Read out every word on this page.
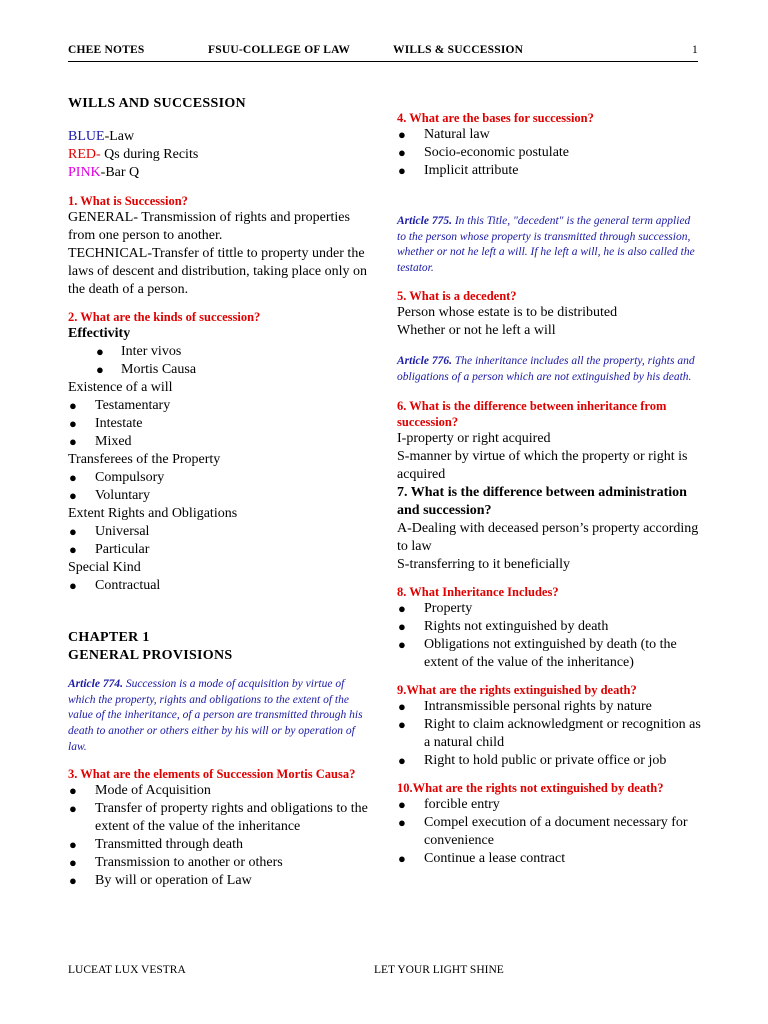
CHEE NOTES	FSUU-COLLEGE OF LAW	WILLS & SUCCESSION	1

WILLS AND SUCCESSION

BLUE-Law

RED- Qs during Recits

PINK-Bar Q

1. What is Succession?

GENERAL- Transmission of rights and properties from one person to another.

TECHNICAL-Transfer of tittle to property under the laws of descent and distribution, taking place only on the death of a person.

2. What are the kinds of succession?

Effectivity

● Inter vivos
● Mortis Causa

Existence of a will

● Testamentary
● Intestate
● Mixed

Transferees of the Property

● Compulsory
● Voluntary

Extent Rights and Obligations

● Universal
● Particular

Special Kind

● Contractual

CHAPTER 1

GENERAL PROVISIONS

Article 774. Succession is a mode of acquisition by virtue of which the property, rights and obligations to the extent of the value of the inheritance, of a person are transmitted through his death to another or others either by his will or by operation of law.

3. What are the elements of Succession Mortis Causa?

● Mode of Acquisition
● Transfer of property rights and obligations to the extent of the value of the inheritance
● Transmitted through death
● Transmission to another or others
● By will or operation of Law

4. What are the bases for succession?

● Natural law
● Socio-economic postulate
● Implicit attribute

Article 775. In this Title, "decedent" is the general term applied to the person whose property is transmitted through succession, whether or not he left a will. If he left a will, he is also called the testator.

5. What is a decedent?

Person whose estate is to be distributed

Whether or not he left a will

Article 776. The inheritance includes all the property, rights and obligations of a person which are not extinguished by his death.

6. What is the difference between inheritance from succession?

I-property or right acquired

S-manner by virtue of which the property or right is acquired

7. What is the difference between administration and succession?

A-Dealing with deceased person’s property according to law

S-transferring to it beneficially

8. What Inheritance Includes?

● Property
● Rights not extinguished by death
● Obligations not extinguished by death (to the extent of the value of the inheritance)

9.What are the rights extinguished by death?

● Intransmissible personal rights by nature
● Right to claim acknowledgment or recognition as a natural child
● Right to hold public or private office or job

10.What are the rights not extinguished by death?

● forcible entry
● Compel execution of a document necessary for convenience
● Continue a lease contract
LUCEAT LUX VESTRA	LET YOUR LIGHT SHINE
